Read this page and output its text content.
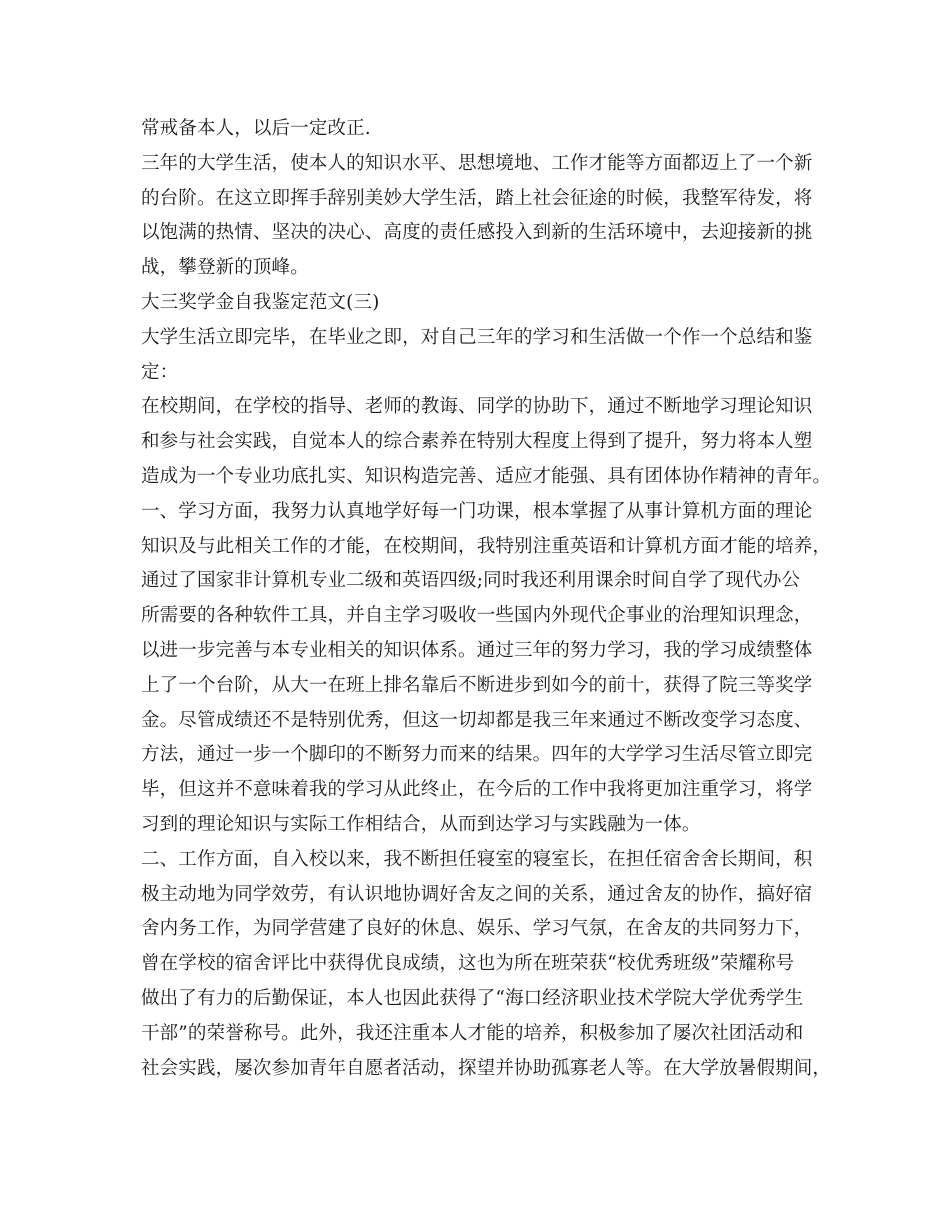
常戒备本人，以后一定改正.
三年的大学生活，使本人的知识水平、思想境地、工作才能等方面都迈上了一个新
的台阶。在这立即挥手辞别美妙大学生活，踏上社会征途的时候，我整军待发，将
以饱满的热情、坚决的决心、高度的责任感投入到新的生活环境中，去迎接新的挑
战，攀登新的顶峰。
大三奖学金自我鉴定范文(三)
大学生活立即完毕，在毕业之即，对自己三年的学习和生活做一个作一个总结和鉴
定：
在校期间，在学校的指导、老师的教诲、同学的协助下，通过不断地学习理论知识
和参与社会实践，自觉本人的综合素养在特别大程度上得到了提升，努力将本人塑
造成为一个专业功底扎实、知识构造完善、适应才能强、具有团体协作精神的青年。
一、学习方面，我努力认真地学好每一门功课，根本掌握了从事计算机方面的理论
知识及与此相关工作的才能，在校期间，我特别注重英语和计算机方面才能的培养，
通过了国家非计算机专业二级和英语四级;同时我还利用课余时间自学了现代办公
所需要的各种软件工具，并自主学习吸收一些国内外现代企事业的治理知识理念，
以进一步完善与本专业相关的知识体系。通过三年的努力学习，我的学习成绩整体
上了一个台阶，从大一在班上排名靠后不断进步到如今的前十，获得了院三等奖学
金。尽管成绩还不是特别优秀，但这一切却都是我三年来通过不断改变学习态度、
方法，通过一步一个脚印的不断努力而来的结果。四年的大学学习生活尽管立即完
毕，但这并不意味着我的学习从此终止，在今后的工作中我将更加注重学习，将学
习到的理论知识与实际工作相结合，从而到达学习与实践融为一体。
二、工作方面，自入校以来，我不断担任寝室的寝室长，在担任宿舍舍长期间，积
极主动地为同学效劳，有认识地协调好舍友之间的关系，通过舍友的协作，搞好宿
舍内务工作，为同学营建了良好的休息、娱乐、学习气氛，在舍友的共同努力下，
曾在学校的宿舍评比中获得优良成绩，这也为所在班荣获“校优秀班级”荣耀称号
做出了有力的后勤保证，本人也因此获得了“海口经济职业技术学院大学优秀学生
干部”的荣誉称号。此外，我还注重本人才能的培养，积极参加了屡次社团活动和
社会实践，屡次参加青年自愿者活动，探望并协助孤寡老人等。在大学放暑假期间，
